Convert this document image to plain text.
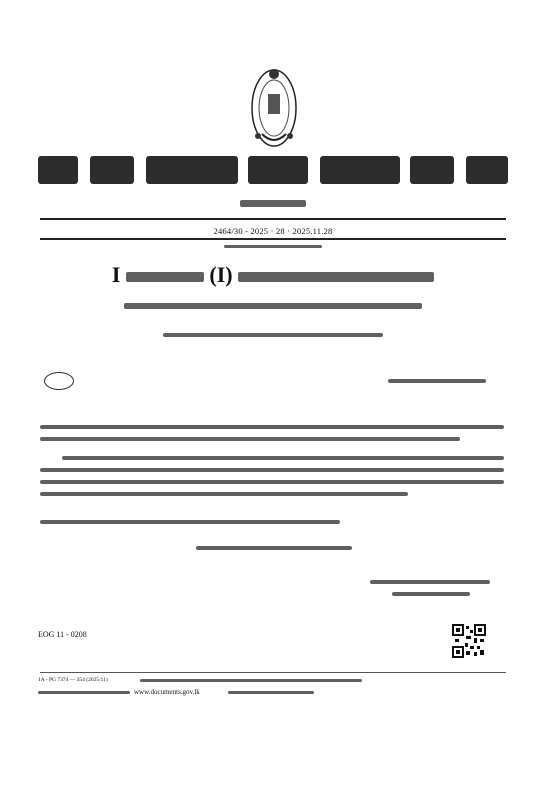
2464/30 - 2025 · 28 · 2025.11.28
I	(I)
EOG 11 - 0208
1A - PG 7374 — 354 (2025/11)
www.documents.gov.lk
